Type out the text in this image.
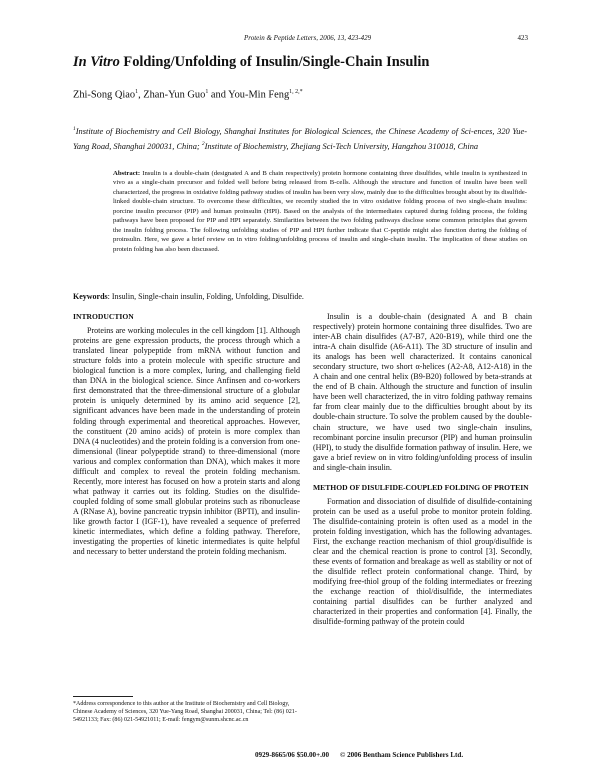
Protein & Peptide Letters, 2006, 13, 423-429	423
In Vitro Folding/Unfolding of Insulin/Single-Chain Insulin
Zhi-Song Qiao$^1$, Zhan-Yun Guo$^1$ and You-Min Feng$^{1, 2,*}$
$^1$Institute of Biochemistry and Cell Biology, Shanghai Institutes for Biological Sciences, the Chinese Academy of Sci-ences, 320 Yue-Yang Road, Shanghai 200031, China; $^2$Institute of Biochemistry, Zhejiang Sci-Tech University, Hangzhou 310018, China
Abstract: Insulin is a double-chain (designated A and B chain respectively) protein hormone containing three disulfides, while insulin is synthesized in vivo as a single-chain precursor and folded well before being released from B-cells. Although the structure and function of insulin have been well characterized, the progress in oxidative folding pathway studies of insulin has been very slow, mainly due to the difficulties brought about by its disulfide-linked double-chain structure. To overcome these difficulties, we recently studied the in vitro oxidative folding process of two single-chain insulins: porcine insulin precursor (PIP) and human proinsulin (HPI). Based on the analysis of the intermediates captured during folding process, the folding pathways have been proposed for PIP and HPI separately. Similarities between the two folding pathways disclose some common principles that govern the insulin folding process. The following unfolding studies of PIP and HPI further indicate that C-peptide might also function during the folding of proinsulin. Here, we gave a brief review on in vitro folding/unfolding process of insulin and single-chain insulin. The implication of these studies on protein folding has also been discussed.
Keywords: Insulin, Single-chain insulin, Folding, Unfolding, Disulfide.
INTRODUCTION

Proteins are working molecules in the cell kingdom [1]. Although proteins are gene expression products, the process through which a translated linear polypeptide from mRNA without function and structure folds into a protein molecule with specific structure and biological function is a more complex, luring, and challenging field than DNA in the biological science. Since Anfinsen and co-workers first demonstrated that the three-dimensional structure of a globular protein is uniquely determined by its amino acid sequence [2], significant advances have been made in the understanding of protein folding through experimental and theoretical approaches. However, the constituent (20 amino acids) of protein is more complex than DNA (4 nucleotides) and the protein folding is a conversion from one-dimensional (linear polypeptide strand) to three-dimensional (more various and complex conformation than DNA), which makes it more difficult and complex to reveal the protein folding mechanism. Recently, more interest has focused on how a protein starts and along what pathway it carries out its folding. Studies on the disulfide-coupled folding of some small globular proteins such as ribonuclease A (RNase A), bovine pancreatic trypsin inhibitor (BPTI), and insulin-like growth factor I (IGF-1), have revealed a sequence of preferred kinetic intermediates, which define a folding pathway. Therefore, investigating the properties of kinetic intermediates is quite helpful and necessary to better understand the protein folding mechanism.

Insulin is a double-chain (designated A and B chain respectively) protein hormone containing three disulfides. Two are inter-AB chain disulfides (A7-B7, A20-B19), while third one the intra-A chain disulfide (A6-A11). The 3D structure of insulin and its analogs has been well characterized. It contains canonical secondary structure, two short α-helices (A2-A8, A12-A18) in the A chain and one central helix (B9-B20) followed by beta-strands at the end of B chain. Although the structure and function of insulin have been well characterized, the in vitro folding pathway remains far from clear mainly due to the difficulties brought about by its double-chain structure. To solve the problem caused by the double-chain structure, we have used two single-chain insulins, recombinant porcine insulin precursor (PIP) and human proinsulin (HPI), to study the disulfide formation pathway of insulin. Here, we gave a brief review on in vitro folding/unfolding process of insulin and single-chain insulin.

METHOD OF DISULFIDE-COUPLED FOLDING OF PROTEIN

Formation and dissociation of disulfide of disulfide-containing protein can be used as a useful probe to monitor protein folding. The disulfide-containing protein is often used as a model in the protein folding investigation, which has the following advantages. First, the exchange reaction mechanism of thiol group/disulfide is clear and the chemical reaction is prone to control [3]. Secondly, these events of formation and breakage as well as stability or not of the disulfide reflect protein conformational change. Third, by modifying free-thiol group of the folding intermediates or freezing the exchange reaction of thiol/disulfide, the intermediates containing partial disulfides can be further analyzed and characterized in their properties and conformation [4]. Finally, the disulfide-forming pathway of the protein could

*Address correspondence to this author at the Institute of Biochemistry and Cell Biology, Chinese Academy of Sciences, 320 Yue-Yang Road, Shanghai 200031, China; Tel: (86) 021-54921133; Fax: (86) 021-54921011; E-mail: fengym@sunm.shcnc.ac.cn
0929-8665/06 $50.00+.00 © 2006 Bentham Science Publishers Ltd.
